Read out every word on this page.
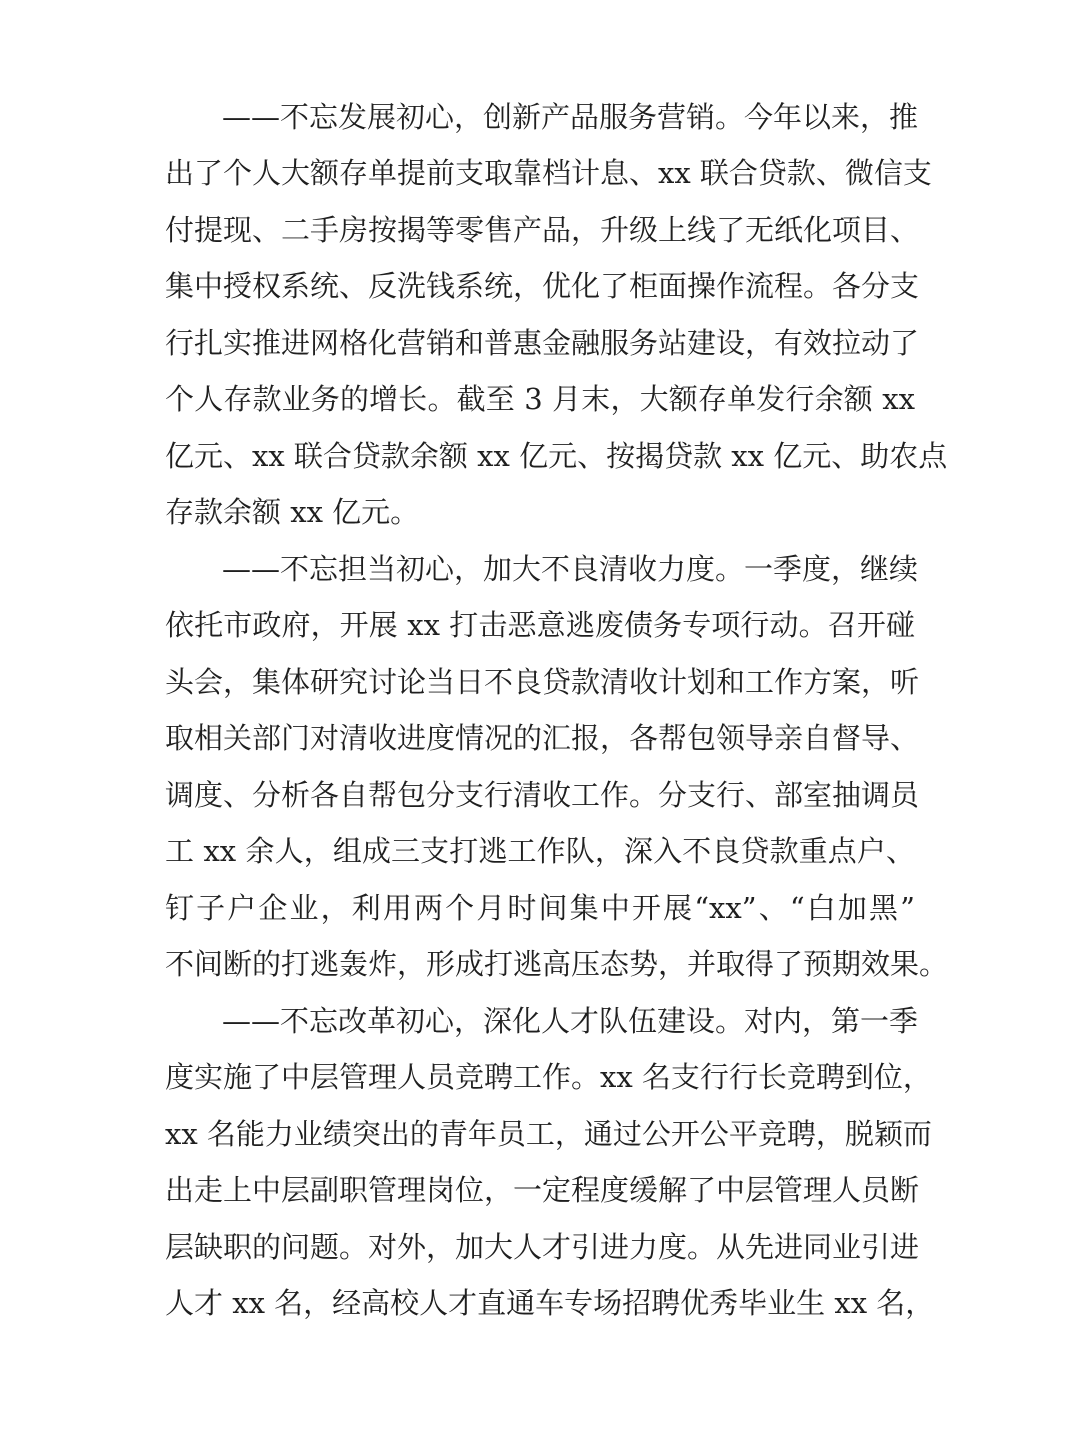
——不忘发展初心，创新产品服务营销。今年以来，推
出了个人大额存单提前支取靠档计息、xx 联合贷款、微信支
付提现、二手房按揭等零售产品，升级上线了无纸化项目、
集中授权系统、反洗钱系统，优化了柜面操作流程。各分支
行扎实推进网格化营销和普惠金融服务站建设，有效拉动了
个人存款业务的增长。截至 3 月末，大额存单发行余额 xx
亿元、xx 联合贷款余额 xx 亿元、按揭贷款 xx 亿元、助农点
存款余额 xx 亿元。
——不忘担当初心，加大不良清收力度。一季度，继续
依托市政府，开展 xx 打击恶意逃废债务专项行动。召开碰
头会，集体研究讨论当日不良贷款清收计划和工作方案，听
取相关部门对清收进度情况的汇报，各帮包领导亲自督导、
调度、分析各自帮包分支行清收工作。分支行、部室抽调员
工 xx 余人，组成三支打逃工作队，深入不良贷款重点户、
钉子户企业，利用两个月时间集中开展“xx”、“白加黑”
不间断的打逃轰炸，形成打逃高压态势，并取得了预期效果。
——不忘改革初心，深化人才队伍建设。对内，第一季
度实施了中层管理人员竞聘工作。xx 名支行行长竞聘到位，
xx 名能力业绩突出的青年员工，通过公开公平竞聘，脱颖而
出走上中层副职管理岗位，一定程度缓解了中层管理人员断
层缺职的问题。对外，加大人才引进力度。从先进同业引进
人才 xx 名，经高校人才直通车专场招聘优秀毕业生 xx 名，
